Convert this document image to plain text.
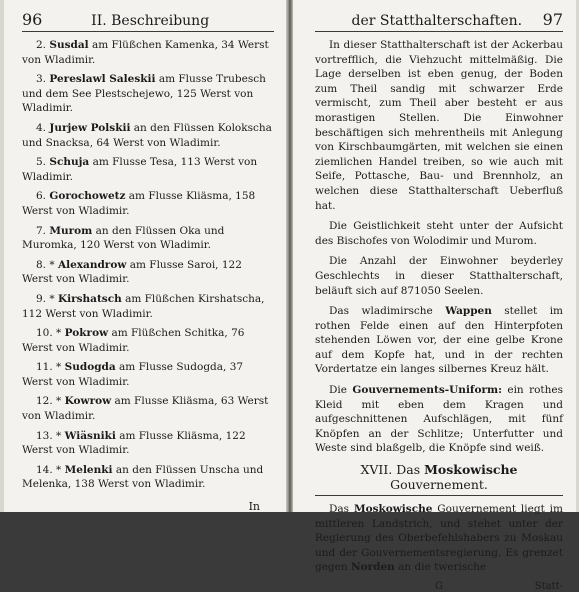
96	II. Beschreibung

2. Susdal am Flüßchen Kamenka, 34 Werst von Wladimir.

3. Pereslawl Saleskii am Flusse Trubesch und dem See Plestschejewo, 125 Werst von Wladimir.

4. Jurjew Polskii an den Flüssen Kolokscha und Snacksa, 64 Werst von Wladimir.

5. Schuja am Flusse Tesa, 113 Werst von Wladimir.

6. Gorochowetz am Flusse Kliäsma, 158 Werst von Wladimir.

7. Murom an den Flüssen Oka und Muromka, 120 Werst von Wladimir.

8. * Alexandrow am Flusse Saroi, 122 Werst von Wladimir.

9. * Kirshatsch am Flüßchen Kirshatscha, 112 Werst von Wladimir.

10. * Pokrow am Flüßchen Schitka, 76 Werst von Wladimir.

11. * Sudogda am Flusse Sudogda, 37 Werst von Wladimir.

12. * Kowrow am Flusse Kliäsma, 63 Werst von Wladimir.

13. * Wiäsniki am Flusse Kliäsma, 122 Werst von Wladimir.

14. * Melenki an den Flüssen Unscha und Melenka, 138 Werst von Wladimir.

In
der Statthalterschaften. 97

In dieser Statthalterschaft ist der Ackerbau vortrefflich, die Viehzucht mittelmäßig. Die Lage derselben ist eben genug, der Boden zum Theil sandig mit schwarzer Erde vermischt, zum Theil aber besteht er aus morastigen Stellen. Die Einwohner beschäftigen sich mehrentheils mit Anlegung von Kirschbaumgärten, mit welchen sie einen ziemlichen Handel treiben, so wie auch mit Seife, Pottasche, Bau- und Brennholz, an welchen diese Statthalterschaft Ueberfluß hat.

Die Geistlichkeit steht unter der Aufsicht des Bischofes von Wolodimir und Murom.

Die Anzahl der Einwohner beyderley Geschlechts in dieser Statthalterschaft, beläuft sich auf 871050 Seelen.

Das wladimirsche Wappen stellet im rothen Felde einen auf den Hinterpfoten stehenden Löwen vor, der eine gelbe Krone auf dem Kopfe hat, und in der rechten Vordertatze ein langes silbernes Kreuz hält.

Die Gouvernements-Uniform: ein rothes Kleid mit eben dem Kragen und aufgeschnittenen Aufschlägen, mit fünf Knöpfen an der Schlitze; Unterfutter und Weste sind blaßgelb, die Knöpfe sind weiß.

XVII. Das Moskowische Gouvernement.

Das Moskowische Gouvernement liegt im mittleren Landstrich, und stehet unter der Regierung des Oberbefehlshabers zu Moskau und der Gouvernementsregierung. Es grenzet gegen Norden an die twerische

G	Statt-
